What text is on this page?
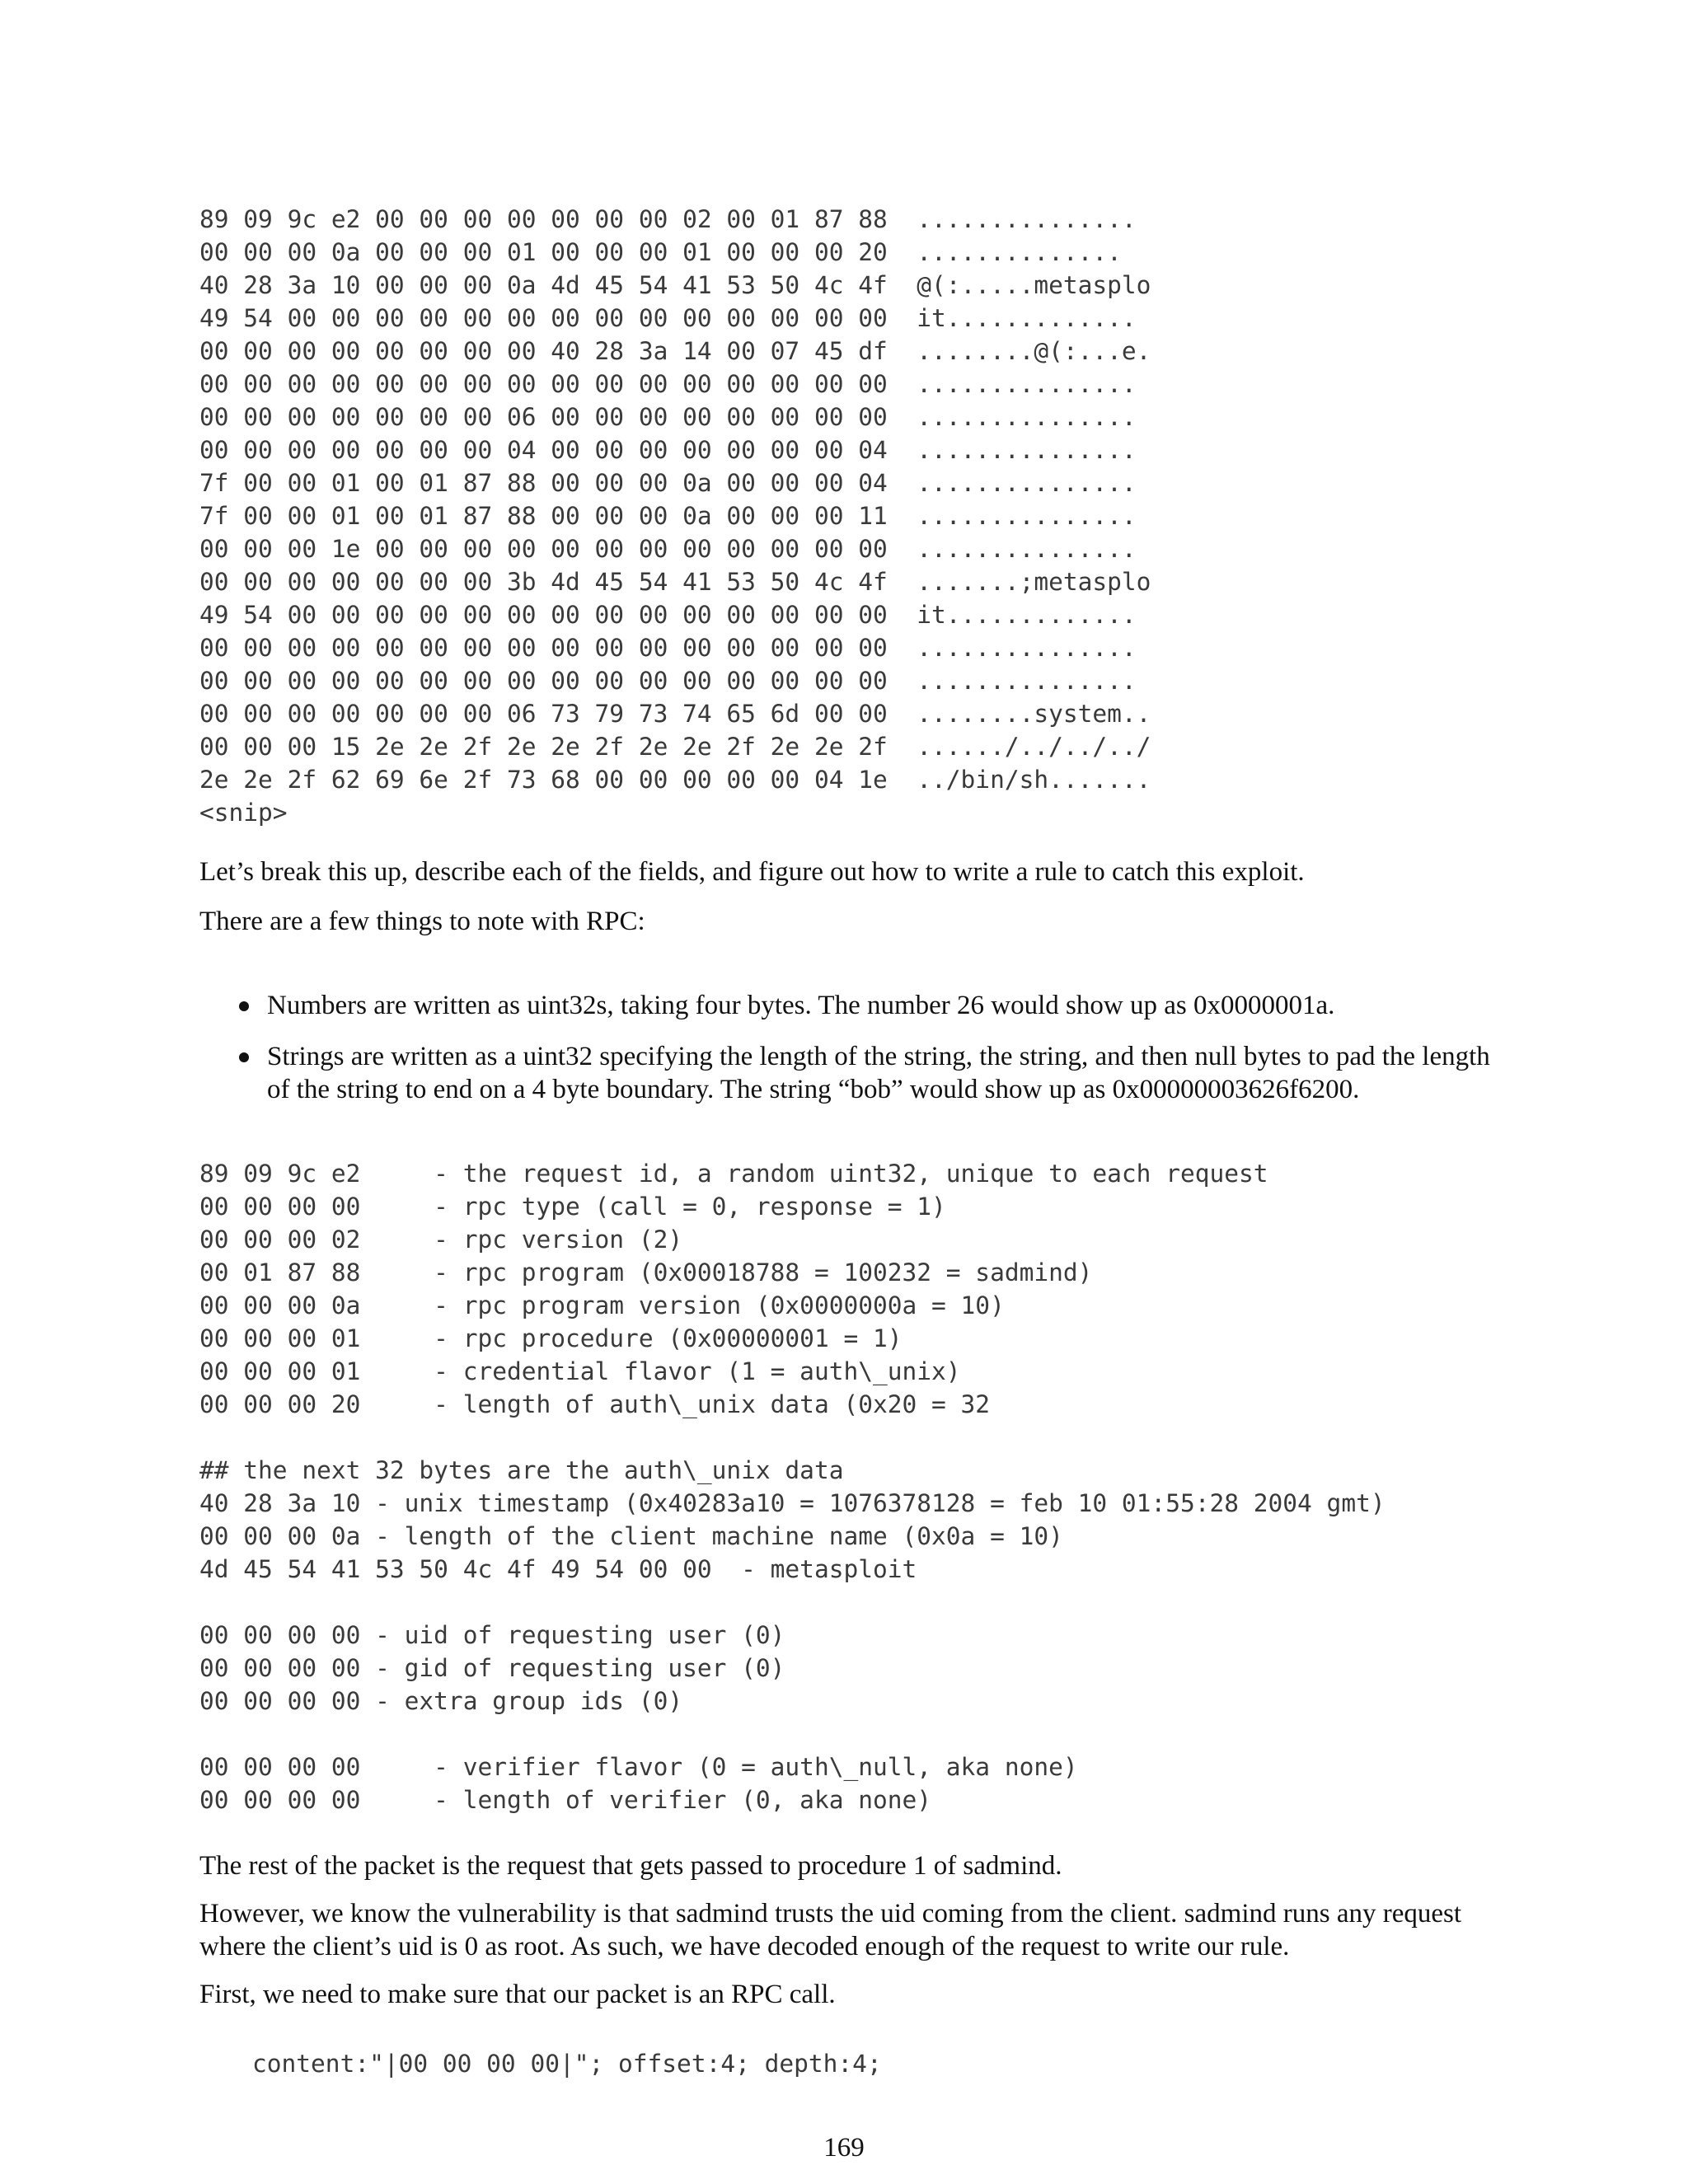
89 09 9c e2 00 00 00 00 00 00 00 02 00 01 87 88  ...............
00 00 00 0a 00 00 00 01 00 00 00 01 00 00 00 20  ..............
40 28 3a 10 00 00 00 0a 4d 45 54 41 53 50 4c 4f  @(:.....metasplo
49 54 00 00 00 00 00 00 00 00 00 00 00 00 00 00  it.............
00 00 00 00 00 00 00 00 40 28 3a 14 00 07 45 df  ........@(:...e.
00 00 00 00 00 00 00 00 00 00 00 00 00 00 00 00  ...............
00 00 00 00 00 00 00 06 00 00 00 00 00 00 00 00  ...............
00 00 00 00 00 00 00 04 00 00 00 00 00 00 00 04  ...............
7f 00 00 01 00 01 87 88 00 00 00 0a 00 00 00 04  ...............
7f 00 00 01 00 01 87 88 00 00 00 0a 00 00 00 11  ...............
00 00 00 1e 00 00 00 00 00 00 00 00 00 00 00 00  ...............
00 00 00 00 00 00 00 3b 4d 45 54 41 53 50 4c 4f  .......;metasplo
49 54 00 00 00 00 00 00 00 00 00 00 00 00 00 00  it.............
00 00 00 00 00 00 00 00 00 00 00 00 00 00 00 00  ...............
00 00 00 00 00 00 00 00 00 00 00 00 00 00 00 00  ...............
00 00 00 00 00 00 00 06 73 79 73 74 65 6d 00 00  ........system..
00 00 00 15 2e 2e 2f 2e 2e 2f 2e 2e 2f 2e 2e 2f  ....../../../../
2e 2e 2f 62 69 6e 2f 73 68 00 00 00 00 00 04 1e  ../bin/sh.......
<snip>

Let’s break this up, describe each of the fields, and figure out how to write a rule to catch this exploit.

There are a few things to note with RPC:

Numbers are written as uint32s, taking four bytes. The number 26 would show up as 0x0000001a.
Strings are written as a uint32 specifying the length of the string, the string, and then null bytes to pad the length of the string to end on a 4 byte boundary. The string “bob” would show up as 0x00000003626f6200.
89 09 9c e2     - the request id, a random uint32, unique to each request
00 00 00 00     - rpc type (call = 0, response = 1)
00 00 00 02     - rpc version (2)
00 01 87 88     - rpc program (0x00018788 = 100232 = sadmind)
00 00 00 0a     - rpc program version (0x0000000a = 10)
00 00 00 01     - rpc procedure (0x00000001 = 1)
00 00 00 01     - credential flavor (1 = auth\_unix)
00 00 00 20     - length of auth\_unix data (0x20 = 32

## the next 32 bytes are the auth\_unix data
40 28 3a 10 - unix timestamp (0x40283a10 = 1076378128 = feb 10 01:55:28 2004 gmt)
00 00 00 0a - length of the client machine name (0x0a = 10)
4d 45 54 41 53 50 4c 4f 49 54 00 00  - metasploit

00 00 00 00 - uid of requesting user (0)
00 00 00 00 - gid of requesting user (0)
00 00 00 00 - extra group ids (0)

00 00 00 00     - verifier flavor (0 = auth\_null, aka none)
00 00 00 00     - length of verifier (0, aka none)

The rest of the packet is the request that gets passed to procedure 1 of sadmind.

However, we know the vulnerability is that sadmind trusts the uid coming from the client. sadmind runs any request where the client’s uid is 0 as root. As such, we have decoded enough of the request to write our rule.

First, we need to make sure that our packet is an RPC call.

content:"|00 00 00 00|"; offset:4; depth:4;
169
